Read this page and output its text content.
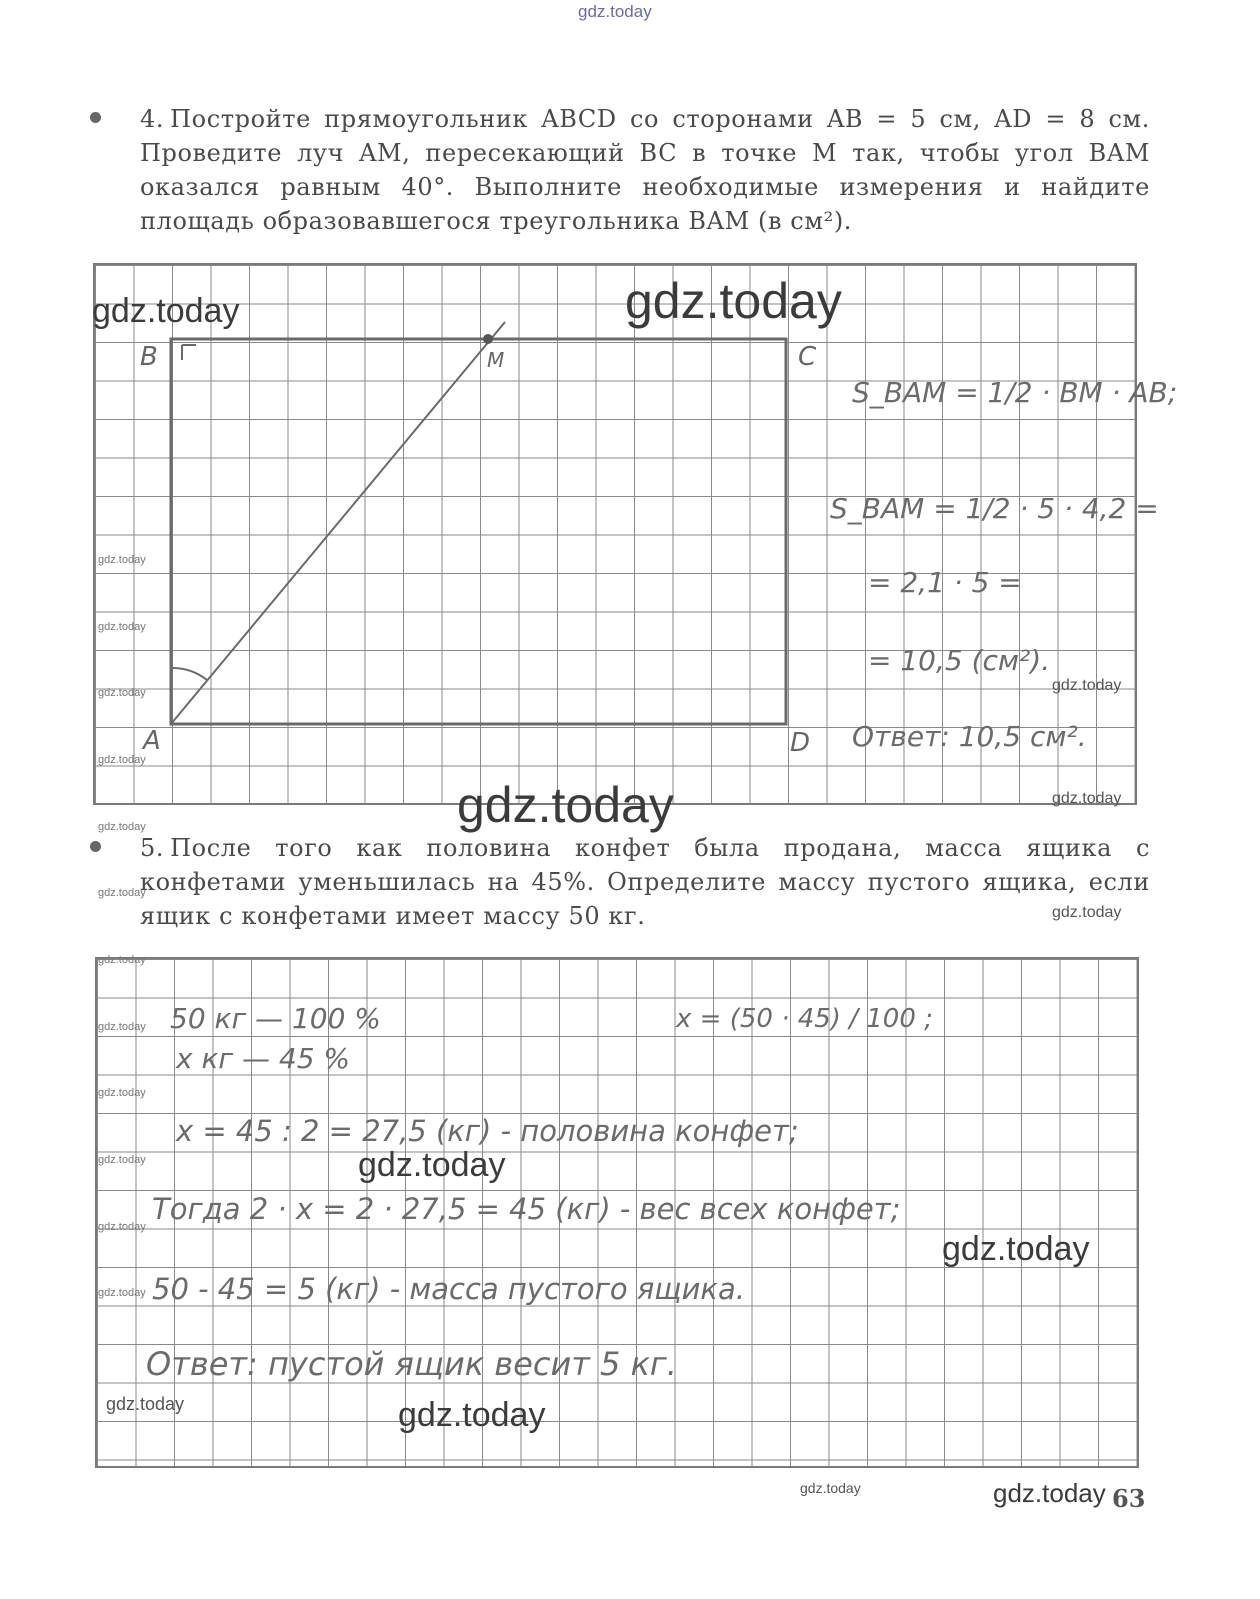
gdz.today
4. Постройте прямоугольник ABCD со сторонами AB = 5 см, AD = 8 см. Проведите луч AM, пересекающий BC в точке M так, чтобы угол BAM оказался равным 40°. Выполните необходимые измерения и найдите площадь образовавшегося треугольника BAM (в см²).
B	M	C
A	D
S_BAM = 1/2 · BM · AB;
S_BAM = 1/2 · 5 · 4,2 =
= 2,1 · 5 =
= 10,5 (см²).
Ответ: 10,5 см².
5. После того как половина конфет была продана, масса ящика с конфетами уменьшилась на 45%. Определите массу пустого ящика, если ящик с конфетами имеет массу 50 кг.
50 кг — 100 %
x кг — 45 %
x = (50 · 45) / 100 ;
x = 45 : 2 = 27,5 (кг) - половина конфет;
Тогда 2 · x = 2 · 27,5 = 45 (кг) - вес всех конфет;
50 - 45 = 5 (кг) - масса пустого ящика.
Ответ: пустой ящик весит 5 кг.
gdz.today	gdz.today
gdz.today
gdz.today
gdz.today
gdz.today
gdz.today
gdz.today
gdz.today
gdz.today
gdz.today	gdz.today
gdz.today
gdz.today
gdz.today
gdz.today
gdz.today
gdz.today
gdz.today
gdz.today
gdz.today
gdz.today
gdz.today
gdz.today
63
